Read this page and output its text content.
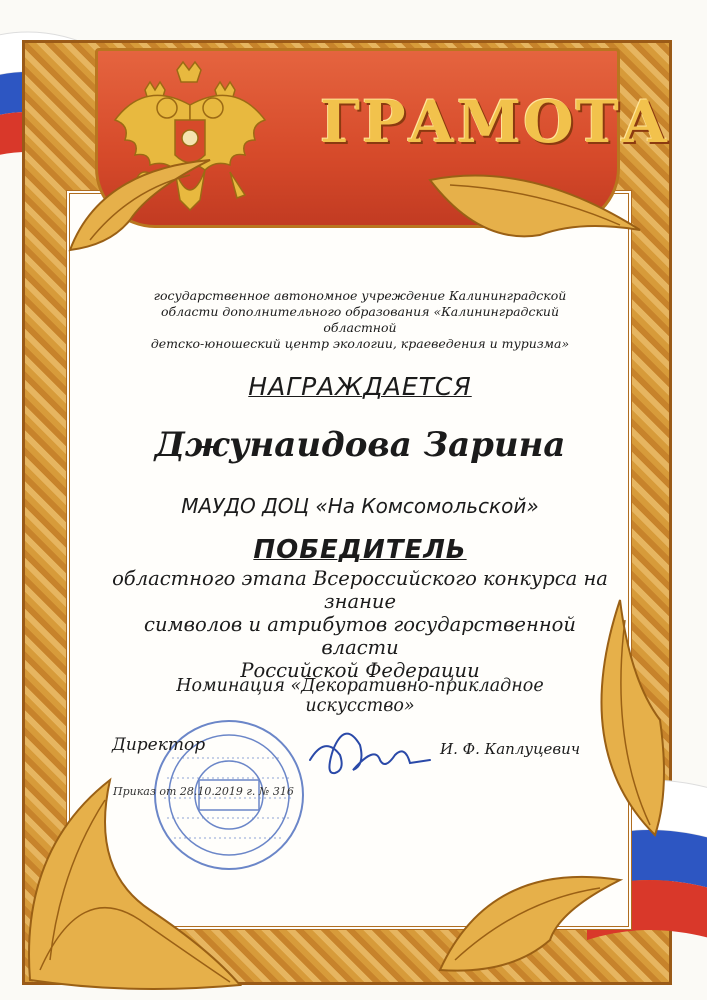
ГРАМОТА
государственное автономное учреждение Калининградской
области дополнительного образования «Калининградский областной
детско-юношеский центр экологии, краеведения и туризма»
НАГРАЖДАЕТСЯ
Джунаидова Зарина
МАУДО ДОЦ «На Комсомольской»
ПОБЕДИТЕЛЬ
областного этапа Всероссийского конкурса на знание
символов и атрибутов государственной власти
Российской Федерации
Номинация «Декоративно-прикладное искусство»
Директор	И. Ф. Каплуцевич
Приказ от 28.10.2019 г. № 316
